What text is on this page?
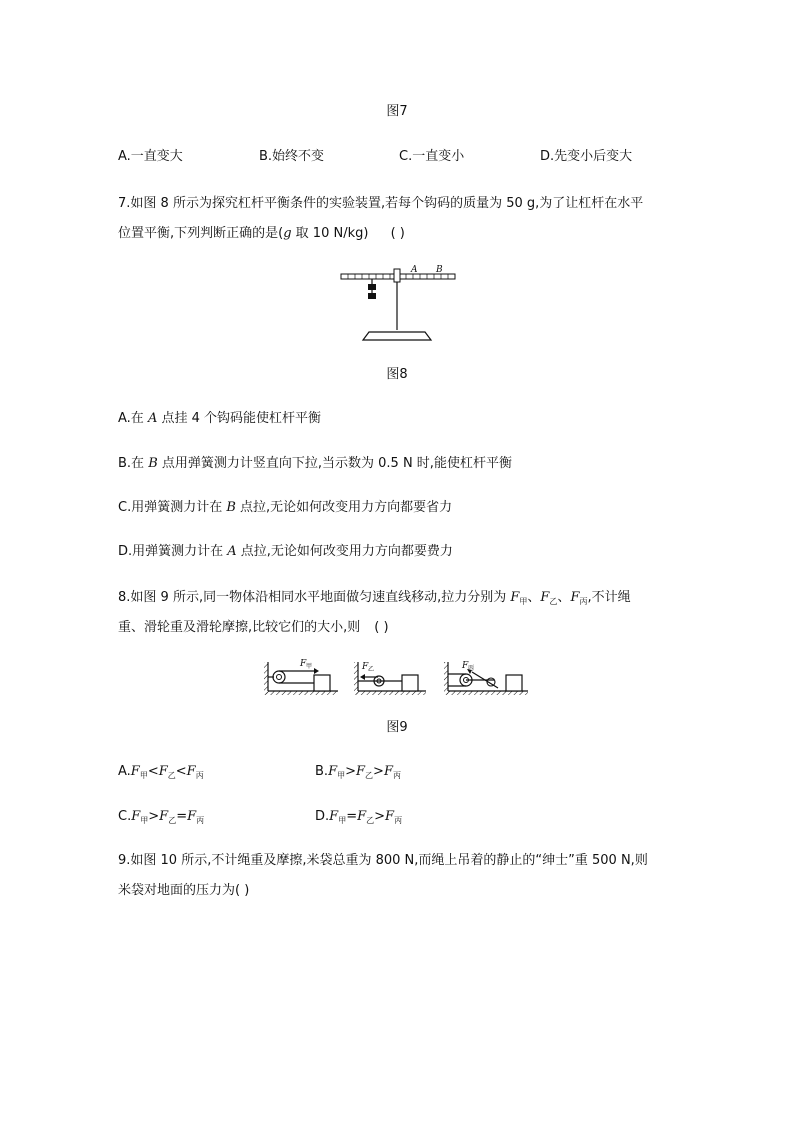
图7
A.一直变大	B.始终不变	C.一直变小	D.先变小后变大
7.如图 8 所示为探究杠杆平衡条件的实验装置,若每个钩码的质量为 50 g,为了让杠杆在水平
位置平衡,下列判断正确的是(g 取 10 N/kg) ( )
A B
图8
A.在 A 点挂 4 个钩码能使杠杆平衡
B.在 B 点用弹簧测力计竖直向下拉,当示数为 0.5 N 时,能使杠杆平衡
C.用弹簧测力计在 B 点拉,无论如何改变用力方向都要省力
D.用弹簧测力计在 A 点拉,无论如何改变用力方向都要费力
8.如图 9 所示,同一物体沿相同水平地面做匀速直线移动,拉力分别为 $F_甲$、$F_乙$、$F_丙$,不计绳
重、滑轮重及滑轮摩擦,比较它们的大小,则 ( )
F 甲	F 乙	F 丙
图9
$A.F_甲<F_乙<F_丙$	$B.F_甲>F_乙>F_丙$
$C.F_甲>F_乙=F_丙$	$D.F_甲=F_乙>F_丙$
9.如图 10 所示,不计绳重及摩擦,米袋总重为 800 N,而绳上吊着的静止的“绅士”重 500 N,则
米袋对地面的压力为( )
